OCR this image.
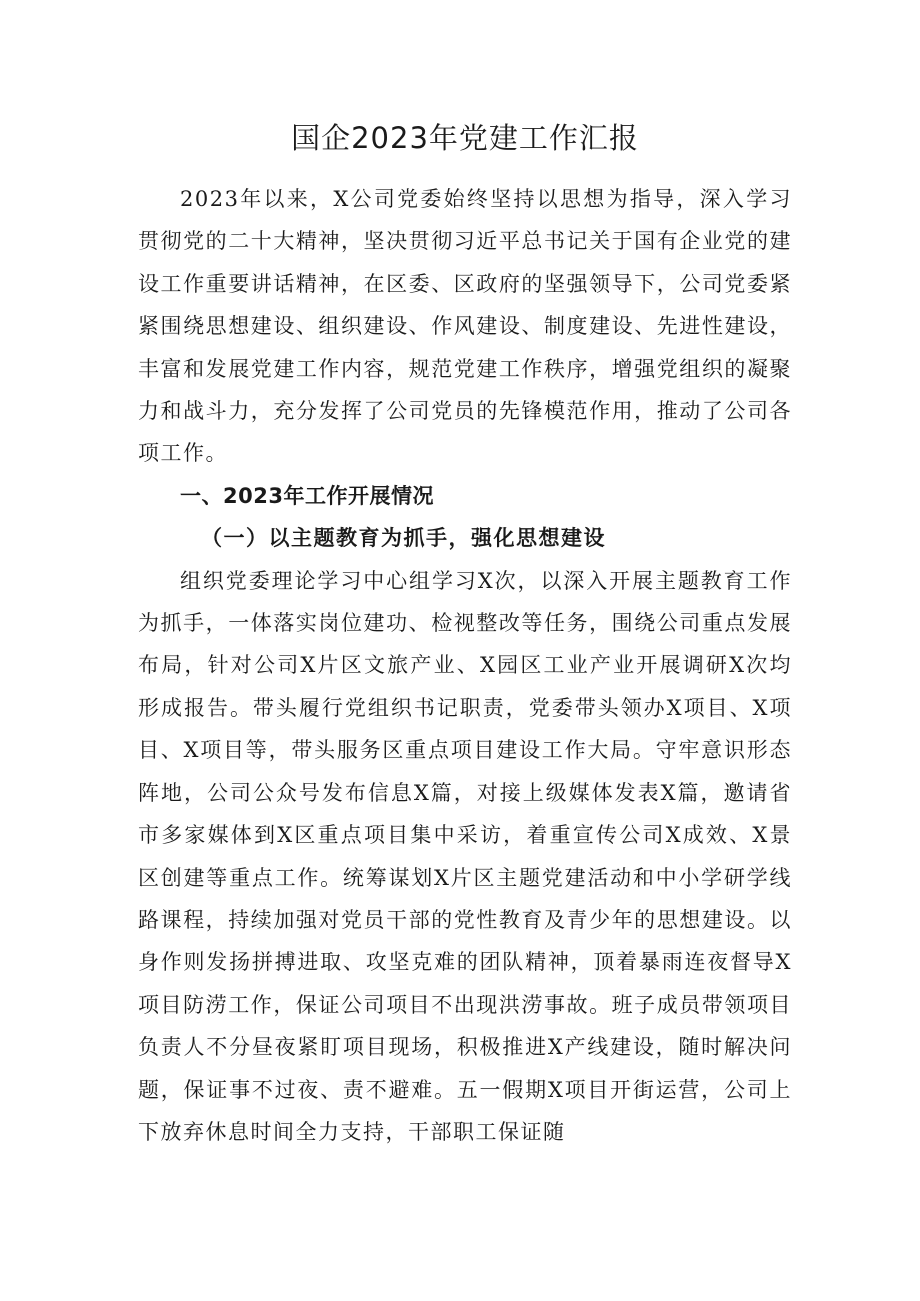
国企2023年党建工作汇报

2023年以来，X公司党委始终坚持以思想为指导，深入学习贯彻党的二十大精神，坚决贯彻习近平总书记关于国有企业党的建设工作重要讲话精神，在区委、区政府的坚强领导下，公司党委紧紧围绕思想建设、组织建设、作风建设、制度建设、先进性建设，丰富和发展党建工作内容，规范党建工作秩序，增强党组织的凝聚力和战斗力，充分发挥了公司党员的先锋模范作用，推动了公司各项工作。

一、2023年工作开展情况
（一）以主题教育为抓手，强化思想建设

组织党委理论学习中心组学习X次，以深入开展主题教育工作为抓手，一体落实岗位建功、检视整改等任务，围绕公司重点发展布局，针对公司X片区文旅产业、X园区工业产业开展调研X次均形成报告。带头履行党组织书记职责，党委带头领办X项目、X项目、X项目等，带头服务区重点项目建设工作大局。守牢意识形态阵地，公司公众号发布信息X篇，对接上级媒体发表X篇，邀请省市多家媒体到X区重点项目集中采访，着重宣传公司X成效、X景区创建等重点工作。统筹谋划X片区主题党建活动和中小学研学线路课程，持续加强对党员干部的党性教育及青少年的思想建设。以身作则发扬拼搏进取、攻坚克难的团队精神，顶着暴雨连夜督导X项目防涝工作，保证公司项目不出现洪涝事故。班子成员带领项目负责人不分昼夜紧盯项目现场，积极推进X产线建设，随时解决问题，保证事不过夜、责不避难。五一假期X项目开街运营，公司上下放弃休息时间全力支持，干部职工保证随
